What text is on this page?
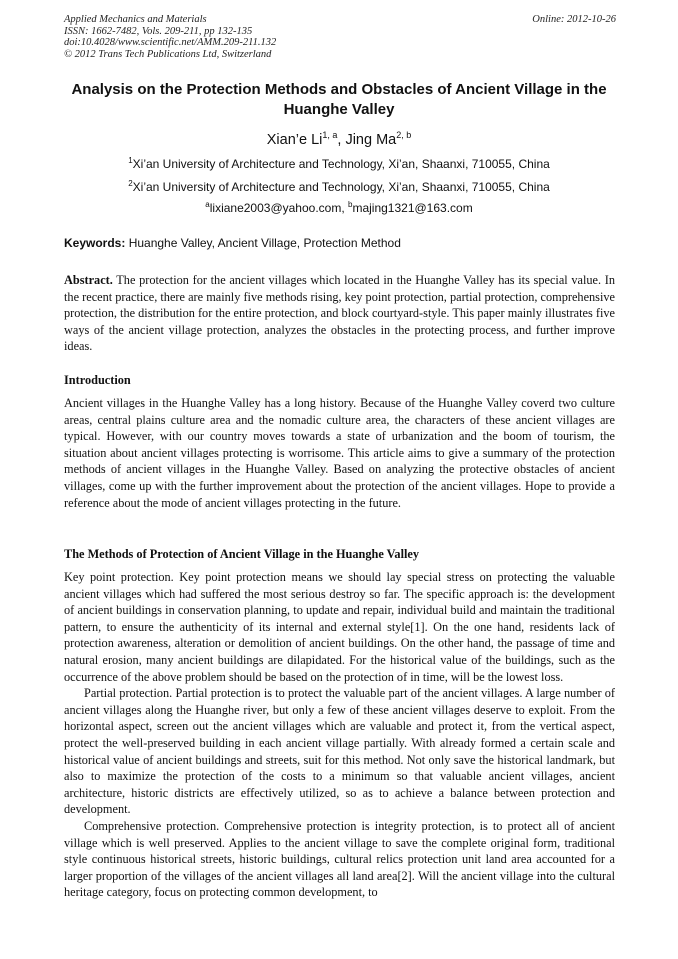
Applied Mechanics and Materials
ISSN: 1662-7482, Vols. 209-211, pp 132-135
doi:10.4028/www.scientific.net/AMM.209-211.132
© 2012 Trans Tech Publications Ltd, Switzerland
Online: 2012-10-26
Analysis on the Protection Methods and Obstacles of Ancient Village in the Huanghe Valley
Xian’e Li$^{1, a}$, Jing Ma$^{2, b}$
$^1$Xi’an University of Architecture and Technology, Xi’an, Shaanxi, 710055, China
$^2$Xi’an University of Architecture and Technology, Xi’an, Shaanxi, 710055, China
$^a$lixiane2003@yahoo.com, $^b$majing1321@163.com
Keywords: Huanghe Valley, Ancient Village, Protection Method

Abstract. The protection for the ancient villages which located in the Huanghe Valley has its special value. In the recent practice, there are mainly five methods rising, key point protection, partial protection, comprehensive protection, the distribution for the entire protection, and block courtyard-style. This paper mainly illustrates five ways of the ancient village protection, analyzes the obstacles in the protecting process, and further improve ideas.

Introduction

Ancient villages in the Huanghe Valley has a long history. Because of the Huanghe Valley coverd two culture areas, central plains culture area and the nomadic culture area, the characters of these ancient villages are typical. However, with our country moves towards a state of urbanization and the boom of tourism, the situation about ancient villages protecting is worrisome. This article aims to give a summary of the protection methods of ancient villages in the Huanghe Valley. Based on analyzing the protective obstacles of ancient villages, come up with the further improvement about the protection of the ancient villages. Hope to provide a reference about the mode of ancient villages protecting in the future.

The Methods of Protection of Ancient Village in the Huanghe Valley

Key point protection. Key point protection means we should lay special stress on protecting the valuable ancient villages which had suffered the most serious destroy so far. The specific approach is: the development of ancient buildings in conservation planning, to update and repair, individual build and maintain the traditional pattern, to ensure the authenticity of its internal and external style[1]. On the one hand, residents lack of protection awareness, alteration or demolition of ancient buildings. On the other hand, the passage of time and natural erosion, many ancient buildings are dilapidated. For the historical value of the buildings, such as the occurrence of the above problem should be based on the protection of in time, will be the lowest loss.

Partial protection. Partial protection is to protect the valuable part of the ancient villages. A large number of ancient villages along the Huanghe river, but only a few of these ancient villages deserve to exploit. From the horizontal aspect, screen out the ancient villages which are valuable and protect it, from the vertical aspect, protect the well-preserved building in each ancient village partially. With already formed a certain scale and historical value of ancient buildings and streets, suit for this method. Not only save the historical landmark, but also to maximize the protection of the costs to a minimum so that valuable ancient villages, ancient architecture, historic districts are effectively utilized, so as to achieve a balance between protection and development.

Comprehensive protection. Comprehensive protection is integrity protection, is to protect all of ancient village which is well preserved. Applies to the ancient village to save the complete original form, traditional style continuous historical streets, historic buildings, cultural relics protection unit land area accounted for a larger proportion of the villages of the ancient villages all land area[2]. Will the ancient village into the cultural heritage category, focus on protecting common development, to
